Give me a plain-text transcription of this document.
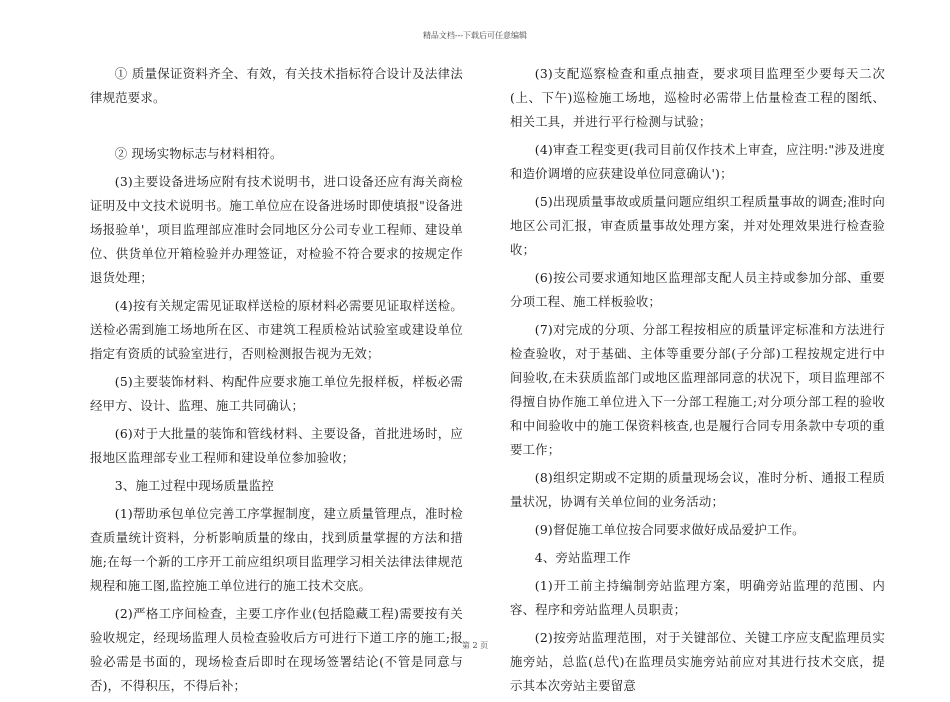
精品文档---下载后可任意编辑

① 质量保证资料齐全、有效，有关技术指标符合设计及法律法律规范要求。

② 现场实物标志与材料相符。

(3)主要设备进场应附有技术说明书，进口设备还应有海关商检证明及中文技术说明书。施工单位应在设备进场时即使填报"设备进场报验单'，项目监理部应准时会同地区分公司专业工程师、建设单位、供货单位开箱检验并办理签证，对检验不符合要求的按规定作退货处理；

(4)按有关规定需见证取样送检的原材料必需要见证取样送检。送检必需到施工场地所在区、市建筑工程质检站试验室或建设单位指定有资质的试验室进行，否则检测报告视为无效；

(5)主要装饰材料、构配件应要求施工单位先报样板，样板必需经甲方、设计、监理、施工共同确认；

(6)对于大批量的装饰和管线材料、主要设备，首批进场时，应报地区监理部专业工程师和建设单位参加验收；

3、施工过程中现场质量监控

(1)帮助承包单位完善工序掌握制度，建立质量管理点，准时检查质量统计资料，分析影响质量的缘由，找到质量掌握的方法和措施;在每一个新的工序开工前应组织项目监理学习相关法律法律规范规程和施工图,监控施工单位进行的施工技术交底。

(2)严格工序间检查，主要工序作业(包括隐藏工程)需要按有关验收规定，经现场监理人员检查验收后方可进行下道工序的施工;报验必需是书面的，现场检查后即时在现场签署结论(不管是同意与否)，不得积压，不得后补；

(3)支配巡察检查和重点抽查，要求项目监理至少要每天二次(上、下午)巡检施工场地，巡检时必需带上估量检查工程的图纸、相关工具，并进行平行检测与试验；

(4)审查工程变更(我司目前仅作技术上审查，应注明:"涉及进度和造价调增的应获建设单位同意确认')；

(5)出现质量事故或质量问题应组织工程质量事故的调查;准时向地区公司汇报，审查质量事故处理方案，并对处理效果进行检查验收；

(6)按公司要求通知地区监理部支配人员主持或参加分部、重要分项工程、施工样板验收；

(7)对完成的分项、分部工程按相应的质量评定标准和方法进行检查验收，对于基础、主体等重要分部(子分部)工程按规定进行中间验收,在未获质监部门或地区监理部同意的状况下，项目监理部不得擅自协作施工单位进入下一分部工程施工;对分项分部工程的验收和中间验收中的施工保资料核查,也是履行合同专用条款中专项的重要工作；

(8)组织定期或不定期的质量现场会议，准时分析、通报工程质量状况，协调有关单位间的业务活动；

(9)督促施工单位按合同要求做好成品爱护工作。

4、旁站监理工作

(1)开工前主持编制旁站监理方案，明确旁站监理的范围、内容、程序和旁站监理人员职责；

(2)按旁站监理范围，对于关键部位、关键工序应支配监理员实施旁站，总监(总代)在监理员实施旁站前应对其进行技术交底，提示其本次旁站主要留意

第 2 页
